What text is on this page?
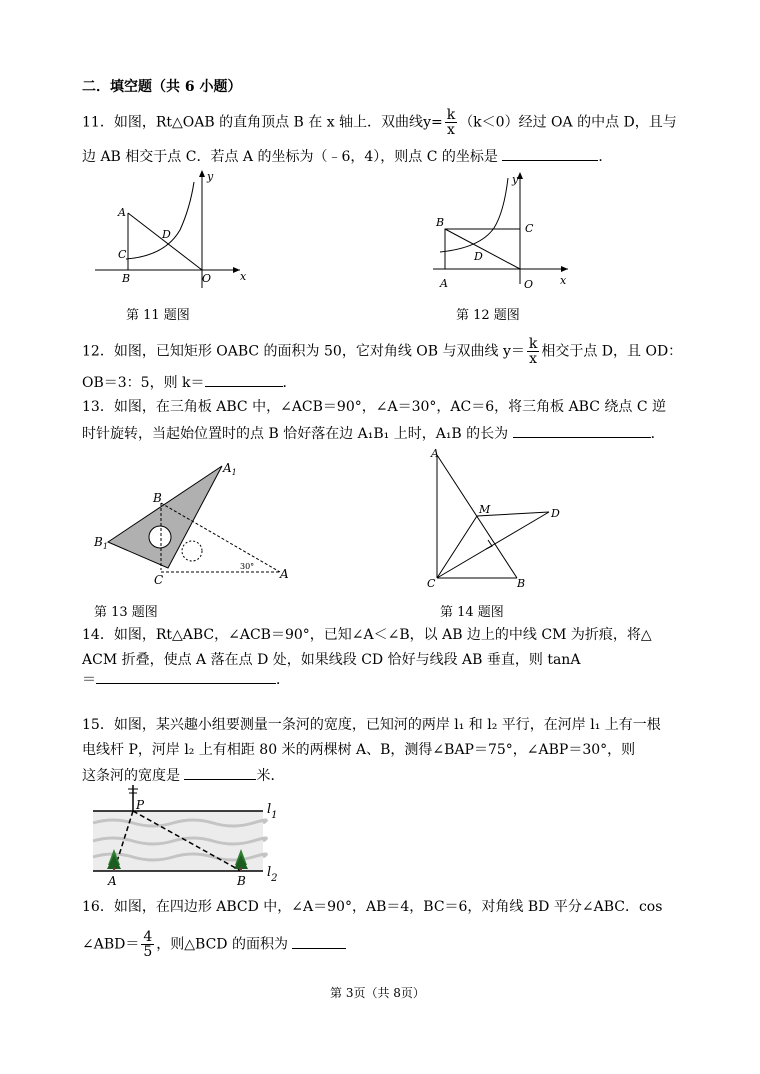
二．填空题（共 6 小题）
11．如图，Rt△OAB 的直角顶点 B 在 x 轴上．双曲线$y= \frac{k}{x} (k<0)$经过 OA 的中点 D，且与
边 AB 相交于点 C．若点 A 的坐标为（﹣6，4），则点 C 的坐标是	．
A
C
B
D
O	x
y
第 11 题图
B	C
D
A	O x
y
第 12 题图
12．如图，已知矩形 OABC 的面积为 50，它对角线 OB 与双曲线 $y= \frac{k}{x}$ 相交于点 D，且 OD：
OB＝3：5，则 k＝	．
13．如图，在三角板 ABC 中，∠ACB＝90°，∠A＝30°，AC＝6，将三角板 ABC 绕点 C 逆
时针旋转，当起始位置时的点 B 恰好落在边 A₁B₁ 上时，A₁B 的长为	．
$A_1$
B
$B_1$
C
30°
A
第 13 题图
A
M	D
C	B
第 14 题图
14．如图，Rt△ABC，∠ACB＝90°，已知∠A＜∠B，以 AB 边上的中线 CM 为折痕，将△
ACM 折叠，使点 A 落在点 D 处，如果线段 CD 恰好与线段 AB 垂直，则 tanA
＝	．
15．如图，某兴趣小组要测量一条河的宽度，已知河的两岸 l₁ 和 l₂ 平行，在河岸 l₁ 上有一根
电线杆 P，河岸 l₂ 上有相距 80 米的两棵树 A、B，测得∠BAP＝75°，∠ABP＝30°，则
这条河的宽度是	米．
P
A	B
$l_1$
$l_2$
16．如图，在四边形 ABCD 中，∠A＝90°，AB＝4，BC＝6，对角线 BD 平分∠ABC．cos
∠ABD＝ $\frac{4}{5}$ ，则△BCD 的面积为
第 3页（共 8页）
